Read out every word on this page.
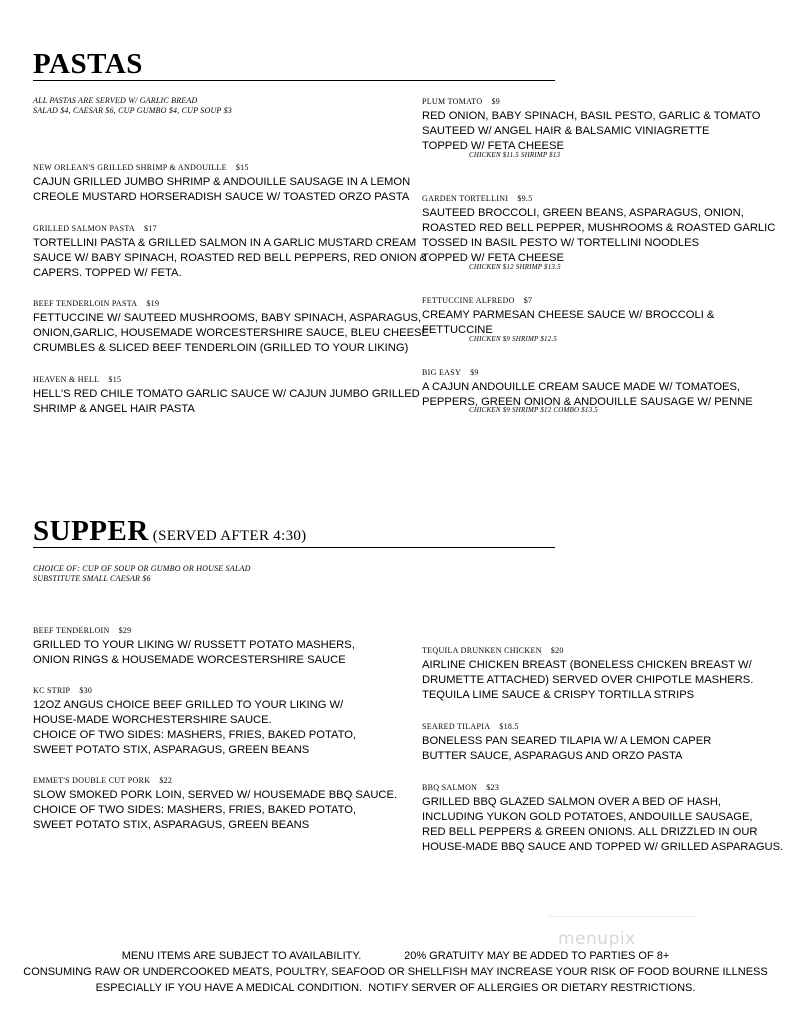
PASTAS
ALL PASTAS ARE SERVED W/ GARLIC BREAD
SALAD $4, CAESAR $6, CUP GUMBO $4, CUP SOUP $3
NEW ORLEAN'S GRILLED SHRIMP & ANDOUILLE $15
CAJUN GRILLED JUMBO SHRIMP & ANDOUILLE SAUSAGE IN A LEMON
CREOLE MUSTARD HORSERADISH SAUCE W/ TOASTED ORZO PASTA
GRILLED SALMON PASTA $17
TORTELLINI PASTA & GRILLED SALMON IN A GARLIC MUSTARD CREAM
SAUCE W/ BABY SPINACH, ROASTED RED BELL PEPPERS, RED ONION &
CAPERS. TOPPED W/ FETA.
BEEF TENDERLOIN PASTA $19
FETTUCCINE W/ SAUTEED MUSHROOMS, BABY SPINACH, ASPARAGUS,
ONION,GARLIC, HOUSEMADE WORCESTERSHIRE SAUCE, BLEU CHEESE
CRUMBLES & SLICED BEEF TENDERLOIN (GRILLED TO YOUR LIKING)
HEAVEN & HELL $15
HELL'S RED CHILE TOMATO GARLIC SAUCE W/ CAJUN JUMBO GRILLED
SHRIMP & ANGEL HAIR PASTA
PLUM TOMATO $9
RED ONION, BABY SPINACH, BASIL PESTO, GARLIC & TOMATO
SAUTEED W/ ANGEL HAIR & BALSAMIC VINIAGRETTE
TOPPED W/ FETA CHEESE
CHICKEN $11.5 SHRIMP $13
GARDEN TORTELLINI $9.5
SAUTEED BROCCOLI, GREEN BEANS, ASPARAGUS, ONION,
ROASTED RED BELL PEPPER, MUSHROOMS & ROASTED GARLIC
TOSSED IN BASIL PESTO W/ TORTELLINI NOODLES
TOPPED W/ FETA CHEESE
CHICKEN $12 SHRIMP $13.5
FETTUCCINE ALFREDO $7
CREAMY PARMESAN CHEESE SAUCE W/ BROCCOLI &
FETTUCCINE
CHICKEN $9 SHRIMP $12.5
BIG EASY $9
A CAJUN ANDOUILLE CREAM SAUCE MADE W/ TOMATOES,
PEPPERS, GREEN ONION & ANDOUILLE SAUSAGE W/ PENNE
CHICKEN $9 SHRIMP $12 COMBO $13.5
SUPPER (SERVED AFTER 4:30)
CHOICE OF: CUP OF SOUP OR GUMBO OR HOUSE SALAD
SUBSTITUTE SMALL CAESAR $6
BEEF TENDERLOIN $29
GRILLED TO YOUR LIKING W/ RUSSETT POTATO MASHERS,
ONION RINGS & HOUSEMADE WORCESTERSHIRE SAUCE
KC STRIP $30
12OZ ANGUS CHOICE BEEF GRILLED TO YOUR LIKING W/
HOUSE-MADE WORCHESTERSHIRE SAUCE.
CHOICE OF TWO SIDES: MASHERS, FRIES, BAKED POTATO,
SWEET POTATO STIX, ASPARAGUS, GREEN BEANS
EMMET'S DOUBLE CUT PORK $22
SLOW SMOKED PORK LOIN, SERVED W/ HOUSEMADE BBQ SAUCE.
CHOICE OF TWO SIDES: MASHERS, FRIES, BAKED POTATO,
SWEET POTATO STIX, ASPARAGUS, GREEN BEANS
TEQUILA DRUNKEN CHICKEN $20
AIRLINE CHICKEN BREAST (BONELESS CHICKEN BREAST W/
DRUMETTE ATTACHED) SERVED OVER CHIPOTLE MASHERS.
TEQUILA LIME SAUCE & CRISPY TORTILLA STRIPS
SEARED TILAPIA $18.5
BONELESS PAN SEARED TILAPIA W/ A LEMON CAPER
BUTTER SAUCE, ASPARAGUS AND ORZO PASTA
BBQ SALMON $23
GRILLED BBQ GLAZED SALMON OVER A BED OF HASH,
INCLUDING YUKON GOLD POTATOES, ANDOUILLE SAUSAGE,
RED BELL PEPPERS & GREEN ONIONS. ALL DRIZZLED IN OUR
HOUSE-MADE BBQ SAUCE AND TOPPED W/ GRILLED ASPARAGUS.
menupix
MENU ITEMS ARE SUBJECT TO AVAILABILITY.              20% GRATUITY MAY BE ADDED TO PARTIES OF 8+
CONSUMING RAW OR UNDERCOOKED MEATS, POULTRY, SEAFOOD OR SHELLFISH MAY INCREASE YOUR RISK OF FOOD BOURNE ILLNESS
ESPECIALLY IF YOU HAVE A MEDICAL CONDITION.  NOTIFY SERVER OF ALLERGIES OR DIETARY RESTRICTIONS.
